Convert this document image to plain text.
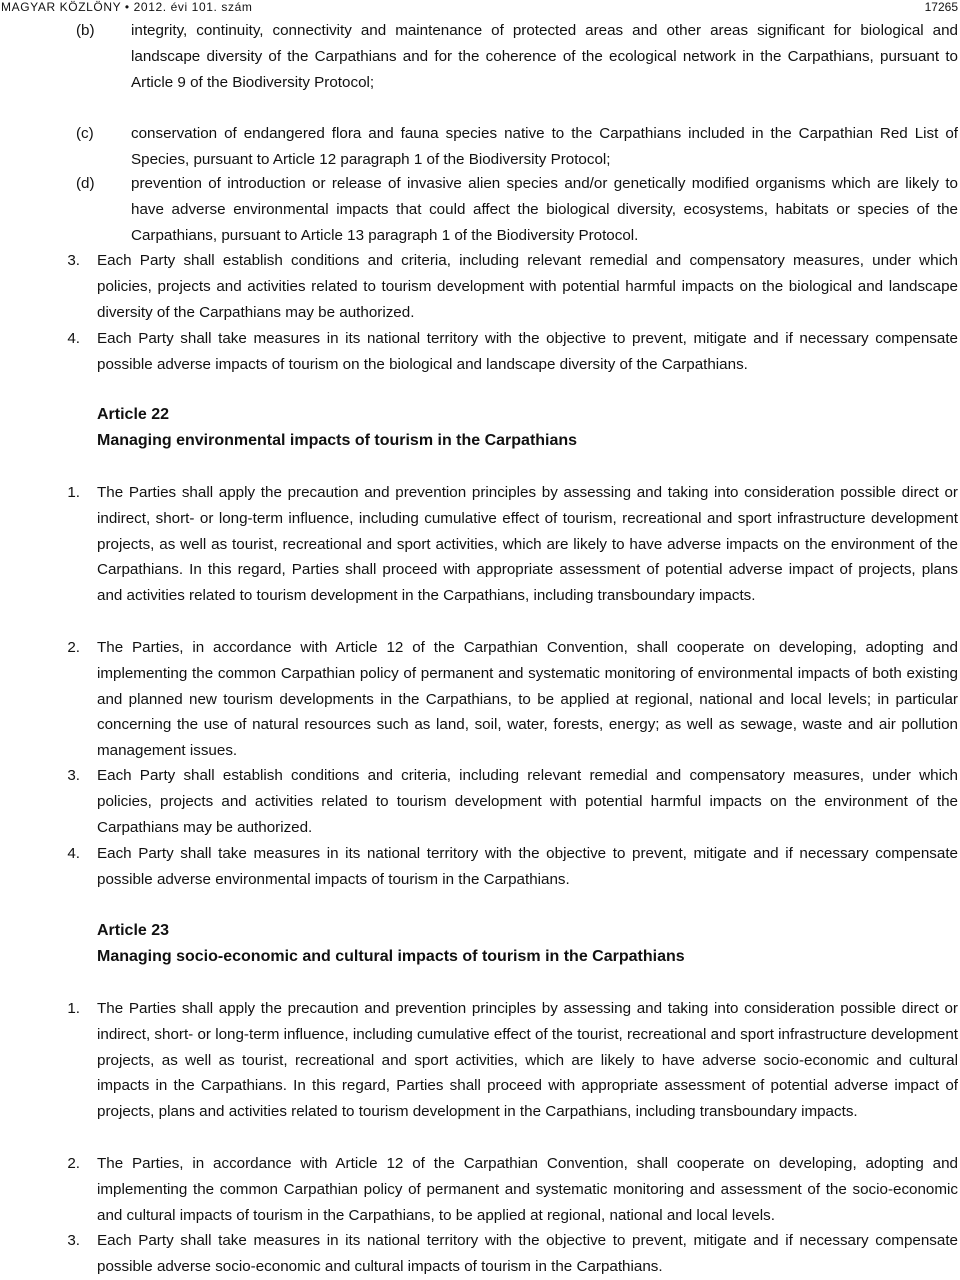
MAGYAR KÖZLÖNY • 2012. évi 101. szám	17265
(b) integrity, continuity, connectivity and maintenance of protected areas and other areas significant for biological and landscape diversity of the Carpathians and for the coherence of the ecological network in the Carpathians, pursuant to Article 9 of the Biodiversity Protocol;
(c) conservation of endangered flora and fauna species native to the Carpathians included in the Carpathian Red List of Species, pursuant to Article 12 paragraph 1 of the Biodiversity Protocol;
(d) prevention of introduction or release of invasive alien species and/or genetically modified organisms which are likely to have adverse environmental impacts that could affect the biological diversity, ecosystems, habitats or species of the Carpathians, pursuant to Article 13 paragraph 1 of the Biodiversity Protocol.
3. Each Party shall establish conditions and criteria, including relevant remedial and compensatory measures, under which policies, projects and activities related to tourism development with potential harmful impacts on the biological and landscape diversity of the Carpathians may be authorized.
4. Each Party shall take measures in its national territory with the objective to prevent, mitigate and if necessary compensate possible adverse impacts of tourism on the biological and landscape diversity of the Carpathians.
Article 22
Managing environmental impacts of tourism in the Carpathians
1. The Parties shall apply the precaution and prevention principles by assessing and taking into consideration possible direct or indirect, short- or long-term influence, including cumulative effect of tourism, recreational and sport infrastructure development projects, as well as tourist, recreational and sport activities, which are likely to have adverse impacts on the environment of the Carpathians. In this regard, Parties shall proceed with appropriate assessment of potential adverse impact of projects, plans and activities related to tourism development in the Carpathians, including transboundary impacts.
2. The Parties, in accordance with Article 12 of the Carpathian Convention, shall cooperate on developing, adopting and implementing the common Carpathian policy of permanent and systematic monitoring of environmental impacts of both existing and planned new tourism developments in the Carpathians, to be applied at regional, national and local levels; in particular concerning the use of natural resources such as land, soil, water, forests, energy; as well as sewage, waste and air pollution management issues.
3. Each Party shall establish conditions and criteria, including relevant remedial and compensatory measures, under which policies, projects and activities related to tourism development with potential harmful impacts on the environment of the Carpathians may be authorized.
4. Each Party shall take measures in its national territory with the objective to prevent, mitigate and if necessary compensate possible adverse environmental impacts of tourism in the Carpathians.
Article 23
Managing socio-economic and cultural impacts of tourism in the Carpathians
1. The Parties shall apply the precaution and prevention principles by assessing and taking into consideration possible direct or indirect, short- or long-term influence, including cumulative effect of the tourist, recreational and sport infrastructure development projects, as well as tourist, recreational and sport activities, which are likely to have adverse socio-economic and cultural impacts in the Carpathians. In this regard, Parties shall proceed with appropriate assessment of potential adverse impact of projects, plans and activities related to tourism development in the Carpathians, including transboundary impacts.
2. The Parties, in accordance with Article 12 of the Carpathian Convention, shall cooperate on developing, adopting and implementing the common Carpathian policy of permanent and systematic monitoring and assessment of the socio-economic and cultural impacts of tourism in the Carpathians, to be applied at regional, national and local levels.
3. Each Party shall take measures in its national territory with the objective to prevent, mitigate and if necessary compensate possible adverse socio-economic and cultural impacts of tourism in the Carpathians.
